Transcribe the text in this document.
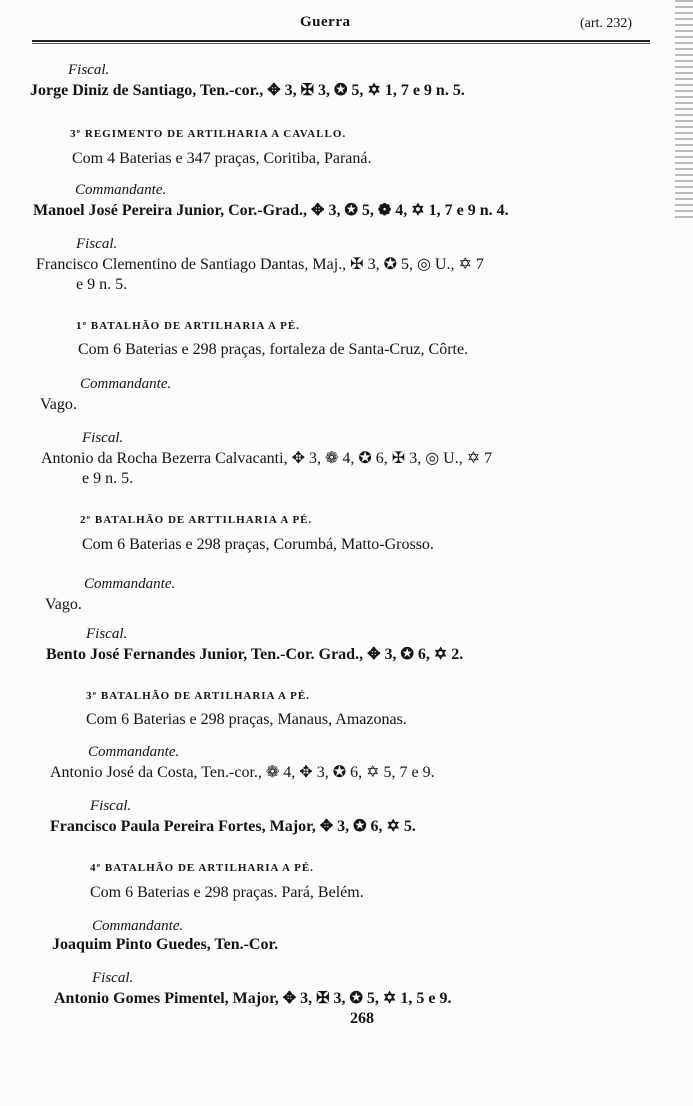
Guerra	(art. 232)
Fiscal.
Jorge Diniz de Santiago, Ten.-cor., ✥ 3, ✠ 3, ✪ 5, ✡ 1, 7 e 9 n. 5.
3º REGIMENTO DE ARTILHARIA A CAVALLO.
Com 4 Baterias e 347 praças, Coritiba, Paraná.
Commandante.
Manoel José Pereira Junior, Cor.-Grad., ✥ 3, ✪ 5, ❁ 4, ✡ 1, 7 e 9 n. 4.
Fiscal.
Francisco Clementino de Santiago Dantas, Maj., ✠ 3, ✪ 5, ◎ U., ✡ 7
e 9 n. 5.
1º BATALHÃO DE ARTILHARIA A PÉ.
Com 6 Baterias e 298 praças, fortaleza de Santa-Cruz, Côrte.
Commandante.
Vago.
Fiscal.
Antonio da Rocha Bezerra Calvacanti, ✥ 3, ❁ 4, ✪ 6, ✠ 3, ◎ U., ✡ 7
e 9 n. 5.
2º BATALHÃO DE ARTTILHARIA A PÉ.
Com 6 Baterias e 298 praças, Corumbá, Matto-Grosso.
Commandante.
Vago.
Fiscal.
Bento José Fernandes Junior, Ten.-Cor. Grad., ✥ 3, ✪ 6, ✡ 2.
3º BATALHÃO DE ARTILHARIA A PÉ.
Com 6 Baterias e 298 praças, Manaus, Amazonas.
Commandante.
Antonio José da Costa, Ten.-cor., ❁ 4, ✥ 3, ✪ 6, ✡ 5, 7 e 9.
Fiscal.
Francisco Paula Pereira Fortes, Major, ✥ 3, ✪ 6, ✡ 5.
4º BATALHÃO DE ARTILHARIA A PÉ.
Com 6 Baterias e 298 praças. Pará, Belém.
Commandante.
Joaquim Pinto Guedes, Ten.-Cor.
Fiscal.
Antonio Gomes Pimentel, Major, ✥ 3, ✠ 3, ✪ 5, ✡ 1, 5 e 9.
268
